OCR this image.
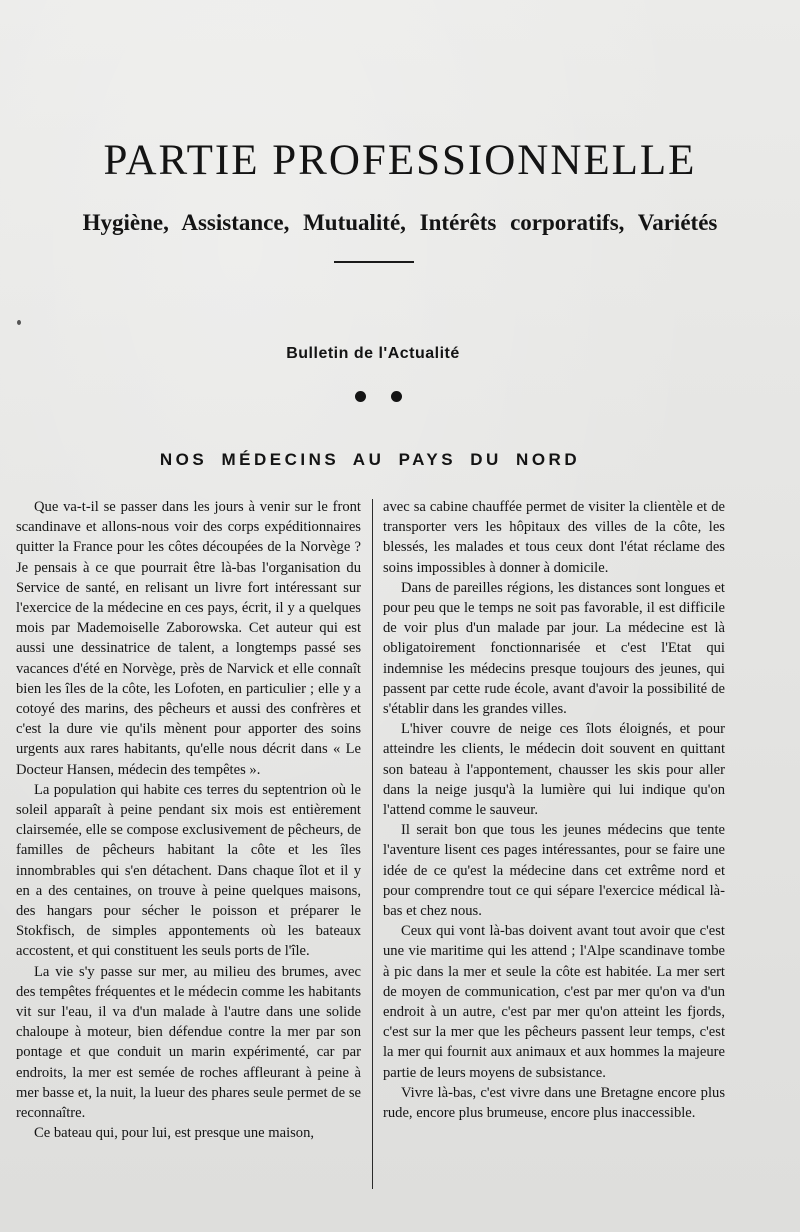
PARTIE PROFESSIONNELLE
Hygiène, Assistance, Mutualité, Intérêts corporatifs, Variétés
Bulletin de l'Actualité
NOS MÉDECINS AU PAYS DU NORD

Que va-t-il se passer dans les jours à venir sur le front scandinave et allons-nous voir des corps expéditionnaires quitter la France pour les côtes découpées de la Norvège ? Je pensais à ce que pourrait être là-bas l'organisation du Service de santé, en relisant un livre fort intéressant sur l'exercice de la médecine en ces pays, écrit, il y a quelques mois par Mademoiselle Zaborowska. Cet auteur qui est aussi une dessinatrice de talent, a longtemps passé ses vacances d'été en Norvège, près de Narvick et elle connaît bien les îles de la côte, les Lofoten, en particulier ; elle y a cotoyé des marins, des pêcheurs et aussi des confrères et c'est la dure vie qu'ils mènent pour apporter des soins urgents aux rares habitants, qu'elle nous décrit dans « Le Docteur Hansen, médecin des tempêtes ».

La population qui habite ces terres du septentrion où le soleil apparaît à peine pendant six mois est entièrement clairsemée, elle se compose exclusivement de pêcheurs, de familles de pêcheurs habitant la côte et les îles innombrables qui s'en détachent. Dans chaque îlot et il y en a des centaines, on trouve à peine quelques maisons, des hangars pour sécher le poisson et préparer le Stokfisch, de simples appontements où les bateaux accostent, et qui constituent les seuls ports de l'île.

La vie s'y passe sur mer, au milieu des brumes, avec des tempêtes fréquentes et le médecin comme les habitants vit sur l'eau, il va d'un malade à l'autre dans une solide chaloupe à moteur, bien défendue contre la mer par son pontage et que conduit un marin expérimenté, car par endroits, la mer est semée de roches affleurant à peine à mer basse et, la nuit, la lueur des phares seule permet de se reconnaître.

Ce bateau qui, pour lui, est presque une maison,

avec sa cabine chauffée permet de visiter la clientèle et de transporter vers les hôpitaux des villes de la côte, les blessés, les malades et tous ceux dont l'état réclame des soins impossibles à donner à domicile.

Dans de pareilles régions, les distances sont longues et pour peu que le temps ne soit pas favorable, il est difficile de voir plus d'un malade par jour. La médecine est là obligatoirement fonctionnarisée et c'est l'Etat qui indemnise les médecins presque toujours des jeunes, qui passent par cette rude école, avant d'avoir la possibilité de s'établir dans les grandes villes.

L'hiver couvre de neige ces îlots éloignés, et pour atteindre les clients, le médecin doit souvent en quittant son bateau à l'appontement, chausser les skis pour aller dans la neige jusqu'à la lumière qui lui indique qu'on l'attend comme le sauveur.

Il serait bon que tous les jeunes médecins que tente l'aventure lisent ces pages intéressantes, pour se faire une idée de ce qu'est la médecine dans cet extrême nord et pour comprendre tout ce qui sépare l'exercice médical là-bas et chez nous.

Ceux qui vont là-bas doivent avant tout avoir que c'est une vie maritime qui les attend ; l'Alpe scandinave tombe à pic dans la mer et seule la côte est habitée. La mer sert de moyen de communication, c'est par mer qu'on va d'un endroit à un autre, c'est par mer qu'on atteint les fjords, c'est sur la mer que les pêcheurs passent leur temps, c'est la mer qui fournit aux animaux et aux hommes la majeure partie de leurs moyens de subsistance.

Vivre là-bas, c'est vivre dans une Bretagne encore plus rude, encore plus brumeuse, encore plus inaccessible.
